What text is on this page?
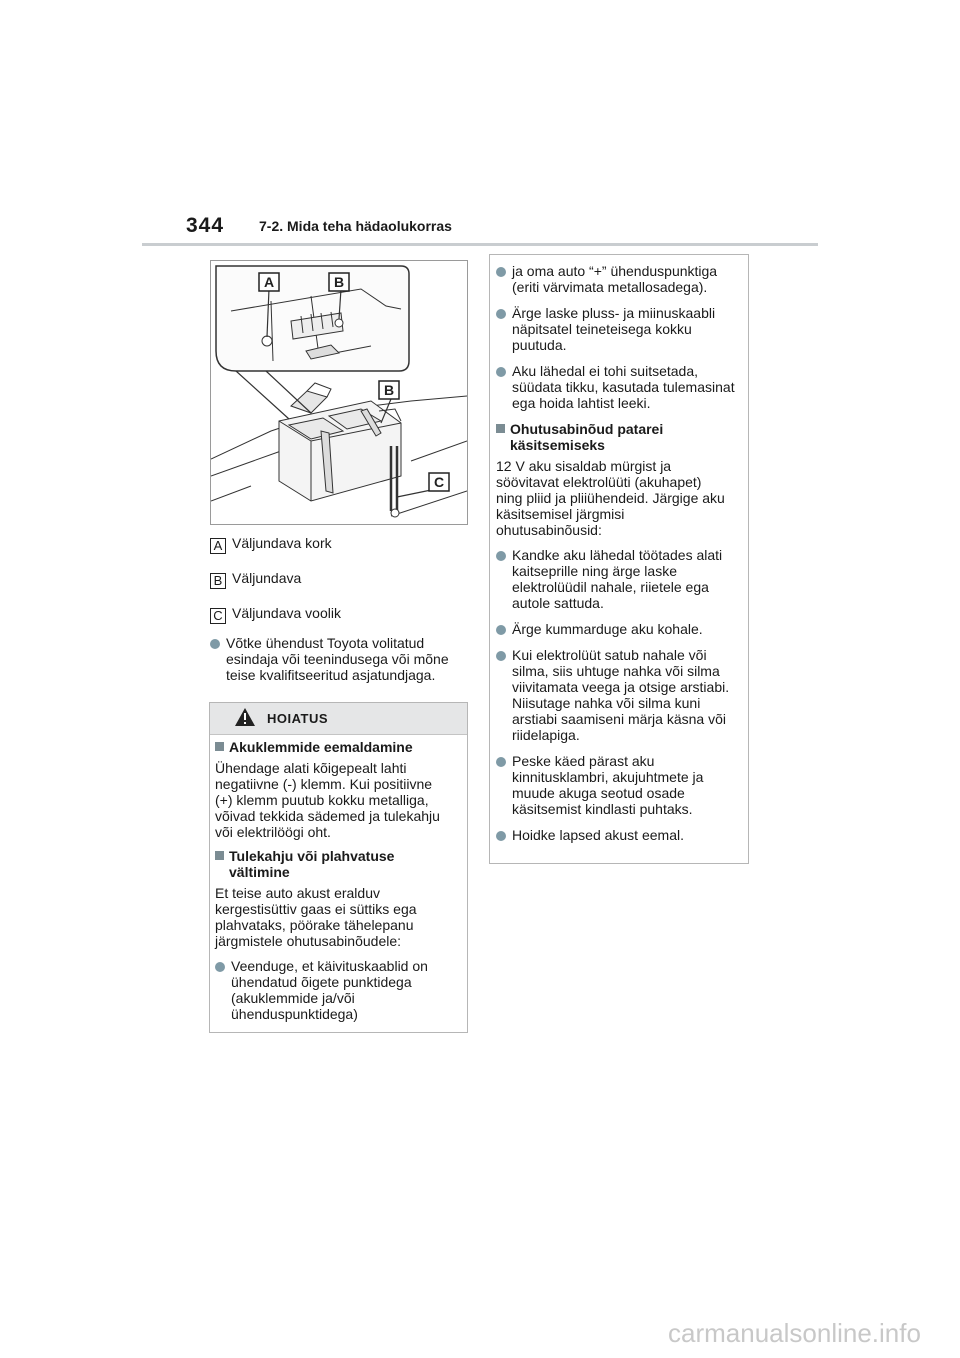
344 7-2. Mida teha hädaolukorras
A	B
B
C
A Väljundava kork
B Väljundava
C Väljundava voolik
Võtke ühendust Toyota volitatud
esindaja või teenindusega või mõne
teise kvalifitseeritud asjatundjaga.
HOIATUS
Akuklemmide eemaldamine
Ühendage alati kõigepealt lahti
negatiivne (-) klemm. Kui positiivne
(+) klemm puutub kokku metalliga,
võivad tekkida sädemed ja tulekahju
või elektrilöögi oht.
Tulekahju või plahvatuse
vältimine
Et teise auto akust eralduv
kergestisüttiv gaas ei süttiks ega
plahvataks, pöörake tähelepanu
järgmistele ohutusabinõudele:
Veenduge, et käivituskaablid on
ühendatud õigete punktidega
(akuklemmide ja/või
ühenduspunktidega)
ja oma auto “+” ühenduspunktiga
(eriti värvimata metallosadega).
Ärge laske pluss- ja miinuskaabli
näpitsatel teineteisega kokku
puutuda.
Aku lähedal ei tohi suitsetada,
süüdata tikku, kasutada tulemasinat
ega hoida lahtist leeki.
Ohutusabinõud patarei
käsitsemiseks
12 V aku sisaldab mürgist ja
söövitavat elektrolüüti (akuhapet)
ning pliid ja pliiühendeid. Järgige aku
käsitsemisel järgmisi
ohutusabinõusid:
Kandke aku lähedal töötades alati
kaitseprille ning ärge laske
elektrolüüdil nahale, riietele ega
autole sattuda.
Ärge kummarduge aku kohale.
Kui elektrolüüt satub nahale või
silma, siis uhtuge nahka või silma
viivitamata veega ja otsige arstiabi.
Niisutage nahka või silma kuni
arstiabi saamiseni märja käsna või
riidelapiga.
Peske käed pärast aku
kinnitusklambri, akujuhtmete ja
muude akuga seotud osade
käsitsemist kindlasti puhtaks.
Hoidke lapsed akust eemal.
carmanualsonline.info
